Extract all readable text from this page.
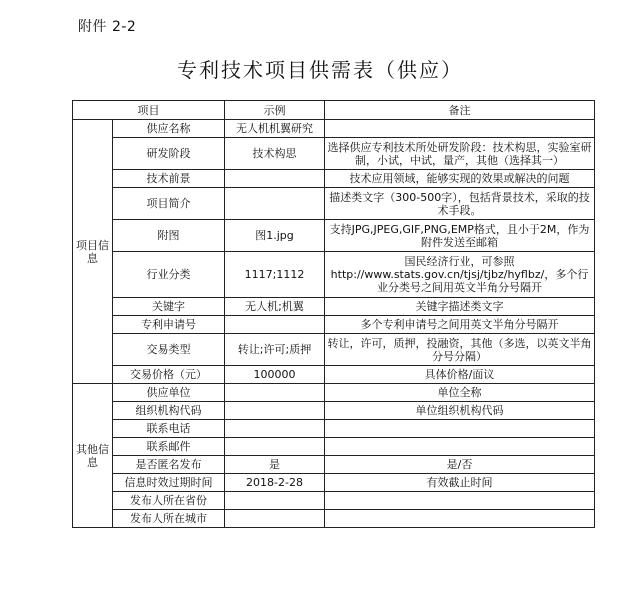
附件 2-2
专利技术项目供需表（供应）
项目		示例	备注
项目信息	供应名称	无人机机翼研究	
	研发阶段	技术构思	选择供应专利技术所处研发阶段：技术构思，实验室研制，小试，中试，量产，其他（选择其一）
	技术前景		技术应用领域，能够实现的效果或解决的问题
	项目简介		描述类文字（300-500字），包括背景技术，采取的技术手段。
	附图	图1.jpg	支持JPG,JPEG,GIF,PNG,EMP格式，且小于2M，作为附件发送至邮箱
	行业分类	1117;1112	国民经济行业，可参照http://www.stats.gov.cn/tjsj/tjbz/hyflbz/，多个行业分类号之间用英文半角分号隔开
	关键字	无人机;机翼	关键字描述类文字
	专利申请号		多个专利申请号之间用英文半角分号隔开
	交易类型	转让;许可;质押	转让，许可，质押，投融资，其他（多选，以英文半角分号分隔）
	交易价格（元）	100000	具体价格/面议
其他信息	供应单位		单位全称
	组织机构代码		单位组织机构代码
	联系电话		
	联系邮件		
	是否匿名发布	是	是/否
	信息时效过期时间	2018-2-28	有效截止时间
	发布人所在省份		
	发布人所在城市		
